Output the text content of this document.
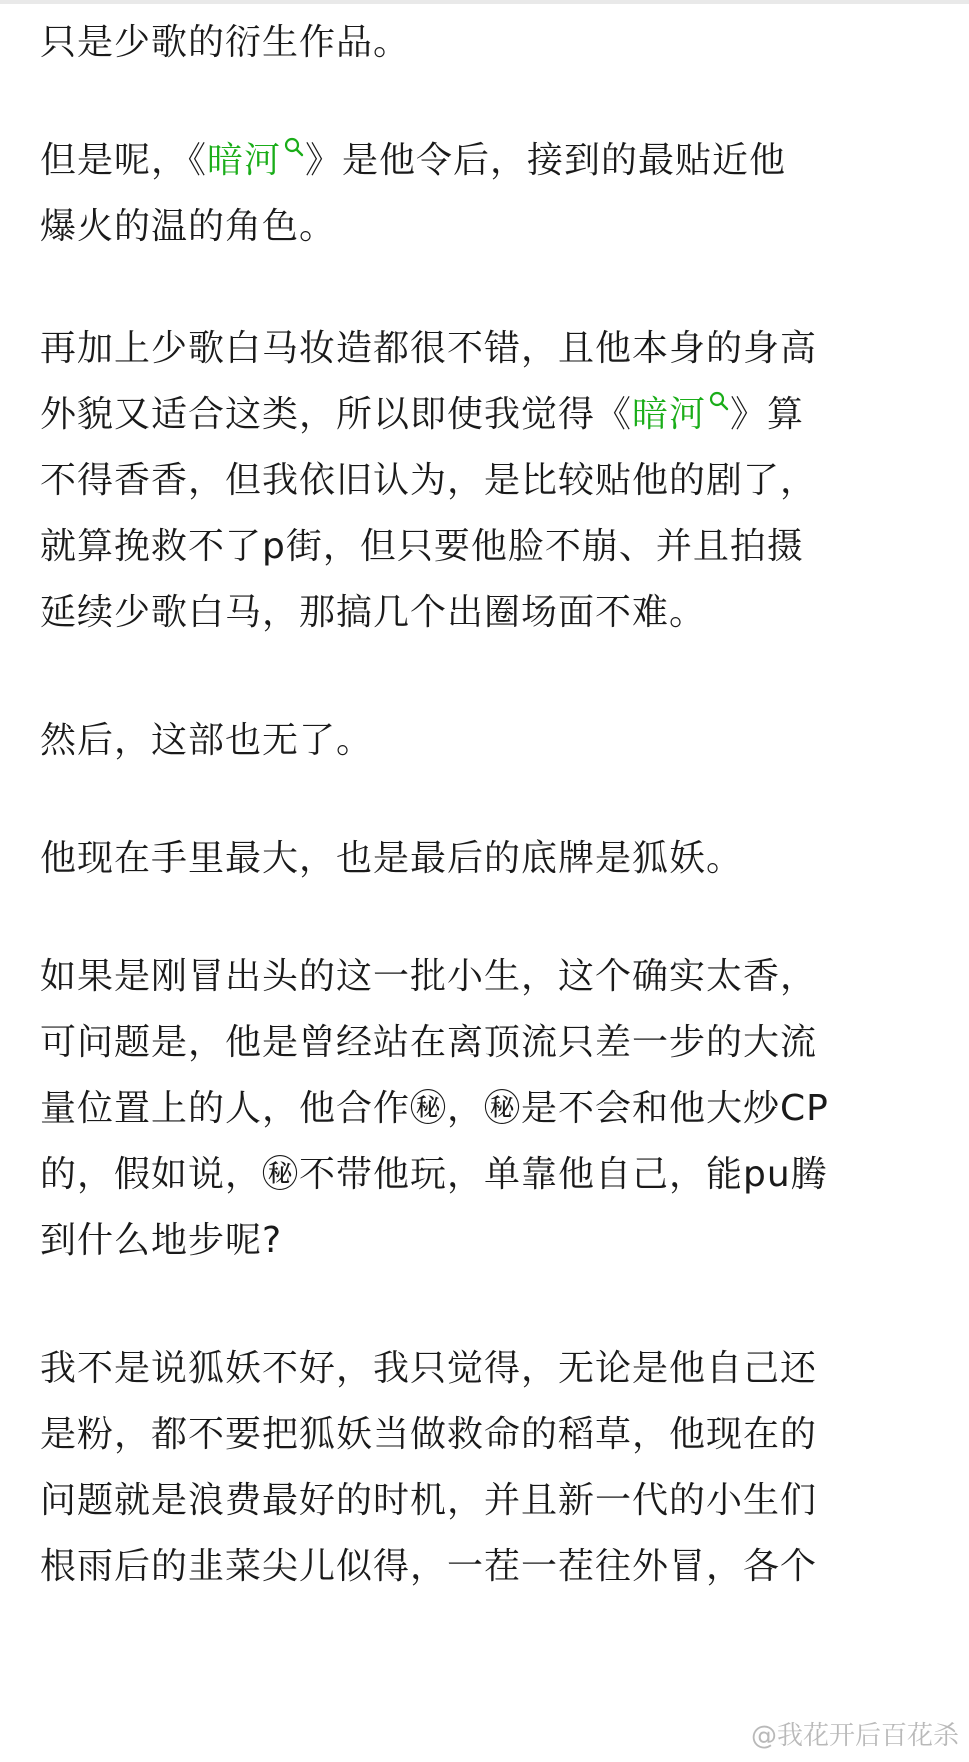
只是少歌的衍生作品。

但是呢，《暗河 》是他令后，接到的最贴近他
爆火的温的角色。

再加上少歌白马妆造都很不错，且他本身的身高
外貌又适合这类，所以即使我觉得《暗河 》算
不得香香，但我依旧认为，是比较贴他的剧了，
就算挽救不了p街，但只要他脸不崩、并且拍摄
延续少歌白马，那搞几个出圈场面不难。

然后，这部也无了。

他现在手里最大，也是最后的底牌是狐妖。

如果是刚冒出头的这一批小生，这个确实太香，
可问题是，他是曾经站在离顶流只差一步的大流
量位置上的人，他合作㊙，㊙是不会和他大炒CP
的，假如说，㊙不带他玩，单靠他自己，能pu腾
到什么地步呢?

我不是说狐妖不好，我只觉得，无论是他自己还
是粉，都不要把狐妖当做救命的稻草，他现在的
问题就是浪费最好的时机，并且新一代的小生们
根雨后的韭菜尖儿似得，一茬一茬往外冒，各个

@我花开后百花杀
